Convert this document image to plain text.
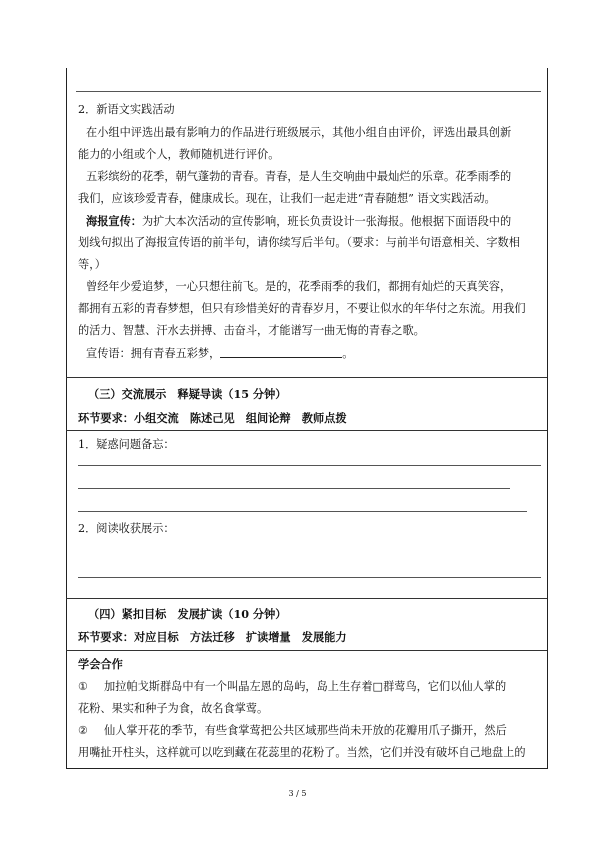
2．新语文实践活动
在小组中评选出最有影响力的作品进行班级展示，其他小组自由评价，评选出最具创新
能力的小组或个人，教师随机进行评价。
五彩缤纷的花季，朝气蓬勃的青春。青春，是人生交响曲中最灿烂的乐章。花季雨季的
我们，应该珍爱青春，健康成长。现在，让我们一起走进“青春随想” 语文实践活动。
海报宣传：为扩大本次活动的宣传影响，班长负责设计一张海报。他根据下面语段中的
划线句拟出了海报宣传语的前半句，请你续写后半句。（要求：与前半句语意相关、字数相
等，）
曾经年少爱追梦，一心只想往前飞。是的，花季雨季的我们，都拥有灿烂的天真笑容，
都拥有五彩的青春梦想，但只有珍惜美好的青春岁月，不要让似水的年华付之东流。用我们
的活力、智慧、汗水去拼搏、击奋斗，才能谱写一曲无悔的青春之歌。
宣传语：拥有青春五彩梦，	。
（三）交流展示　释疑导读（15 分钟）
环节要求：小组交流　陈述己见　组间论辩　教师点拨
1．疑惑问题备忘：
2．阅读收获展示：
（四）紧扣目标　发展扩读（10 分钟）
环节要求：对应目标　方法迁移　扩读增量　发展能力
学会合作
① 加拉帕戈斯群岛中有一个叫晶左恩的岛屿，岛上生存着□群莺鸟，它们以仙人掌的
花粉、果实和种子为食，故名食掌莺。
② 仙人掌开花的季节，有些食掌莺把公共区域那些尚未开放的花瓣用爪子撕开，然后
用嘴扯开柱头，这样就可以吃到藏在花蕊里的花粉了。当然，它们并没有破坏自己地盘上的
3 / 5
